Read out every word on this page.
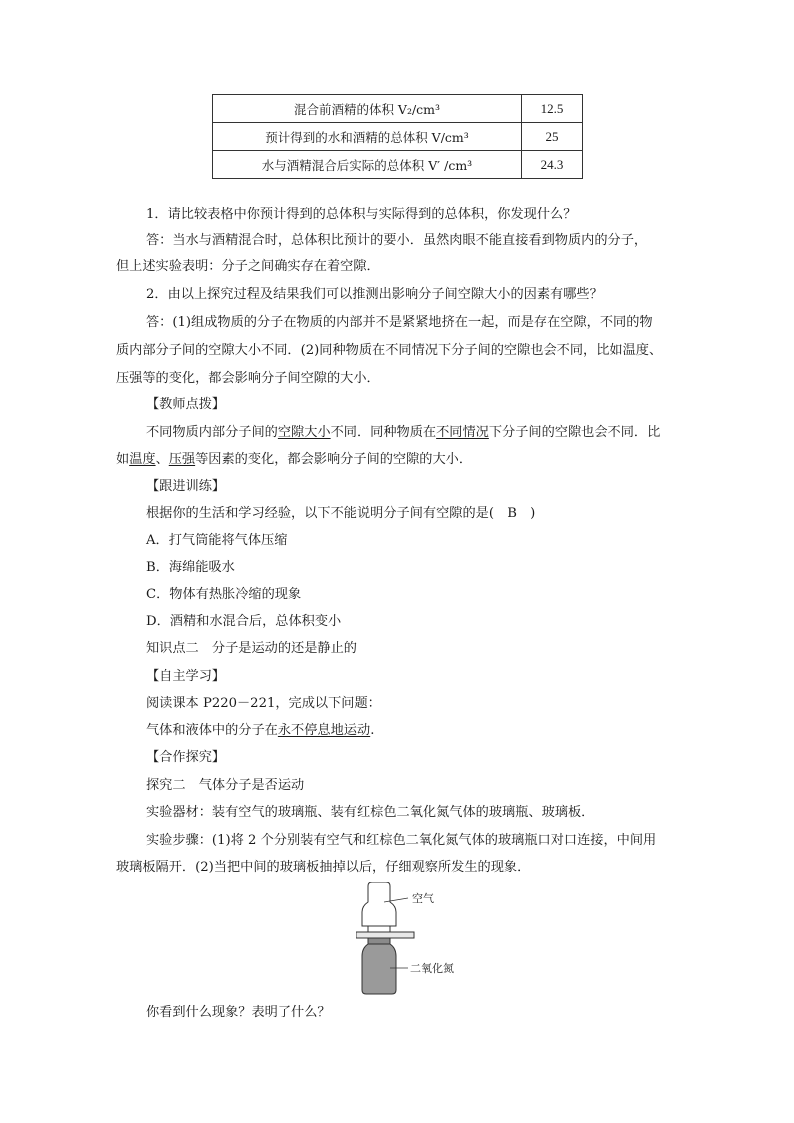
混合前酒精的体积 V₂/cm³	12.5
预计得到的水和酒精的总体积 V/cm³	25
水与酒精混合后实际的总体积 V′ /cm³	24.3
1．请比较表格中你预计得到的总体积与实际得到的总体积，你发现什么？
答：当水与酒精混合时，总体积比预计的要小．虽然肉眼不能直接看到物质内的分子，
但上述实验表明：分子之间确实存在着空隙．
2．由以上探究过程及结果我们可以推测出影响分子间空隙大小的因素有哪些？
答：(1)组成物质的分子在物质的内部并不是紧紧地挤在一起，而是存在空隙，不同的物
质内部分子间的空隙大小不同．(2)同种物质在不同情况下分子间的空隙也会不同，比如温度、
压强等的变化，都会影响分子间空隙的大小．
【教师点拨】
不同物质内部分子间的空隙大小不同．同种物质在不同情况下分子间的空隙也会不同．比
如温度、压强等因素的变化，都会影响分子间的空隙的大小．
【跟进训练】
根据你的生活和学习经验，以下不能说明分子间有空隙的是(　B　)
A．打气筒能将气体压缩
B．海绵能吸水
C．物体有热胀冷缩的现象
D．酒精和水混合后，总体积变小
知识点二　分子是运动的还是静止的
【自主学习】
阅读课本 P220－221，完成以下问题：
气体和液体中的分子在永不停息地运动.
【合作探究】
探究二　气体分子是否运动
实验器材：装有空气的玻璃瓶、装有红棕色二氧化氮气体的玻璃瓶、玻璃板．
实验步骤：(1)将 2 个分别装有空气和红棕色二氧化氮气体的玻璃瓶口对口连接，中间用
玻璃板隔开．(2)当把中间的玻璃板抽掉以后，仔细观察所发生的现象．
空气
二氧化氮
你看到什么现象？表明了什么？
